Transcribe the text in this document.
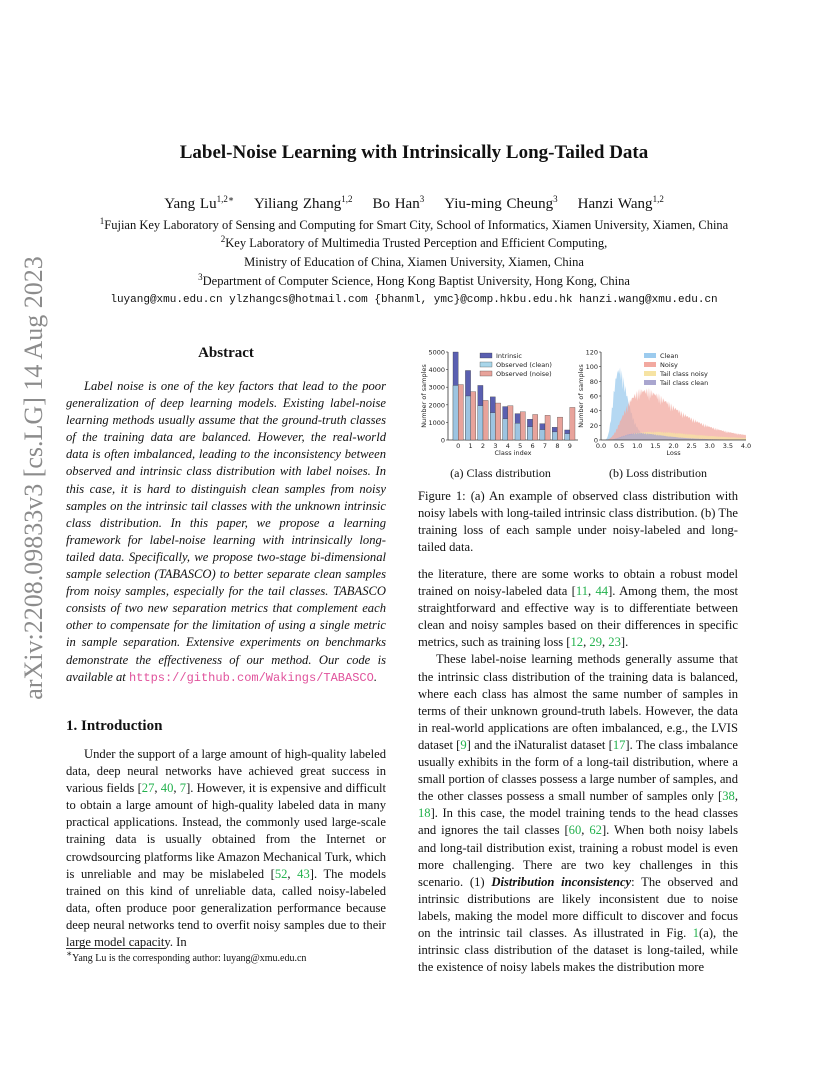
arXiv:2208.09833v3 [cs.LG] 14 Aug 2023
Label-Noise Learning with Intrinsically Long-Tailed Data
Yang $Lu^{1,2∗}$ Yiliang Zhang$^{1,2}$ Bo Han$^3$ Yiu-ming Cheung$^3$ Hanzi Wang$^{1,2}$
$^1$Fujian Key Laboratory of Sensing and Computing for Smart City, School of Informatics, Xiamen University, Xiamen, China
$^2$Key Laboratory of Multimedia Trusted Perception and Efficient Computing,
Ministry of Education of China, Xiamen University, Xiamen, China
$^3$Department of Computer Science, Hong Kong Baptist University, Hong Kong, China
luyang@xmu.edu.cn ylzhangcs@hotmail.com {bhanml, ymc}@comp.hkbu.edu.hk hanzi.wang@xmu.edu.cn
Abstract

Label noise is one of the key factors that lead to the poor generalization of deep learning models. Existing label-noise learning methods usually assume that the ground-truth classes of the training data are balanced. However, the real-world data is often imbalanced, leading to the inconsistency between observed and intrinsic class distribution with label noises. In this case, it is hard to distinguish clean samples from noisy samples on the intrinsic tail classes with the unknown intrinsic class distribution. In this paper, we propose a learning framework for label-noise learning with intrinsically long-tailed data. Specifically, we propose two-stage bi-dimensional sample selection (TABASCO) to better separate clean samples from noisy samples, especially for the tail classes. TABASCO consists of two new separation metrics that complement each other to compensate for the limitation of using a single metric in sample separation. Extensive experiments on benchmarks demonstrate the effectiveness of our method. Our code is available at https://github.com/Wakings/TABASCO.

1. Introduction

Under the support of a large amount of high-quality labeled data, deep neural networks have achieved great success in various fields [27, 40, 7]. However, it is expensive and difficult to obtain a large amount of high-quality labeled data in many practical applications. Instead, the commonly used large-scale training data is usually obtained from the Internet or crowdsourcing platforms like Amazon Mechanical Turk, which is unreliable and may be mislabeled [52, 43]. The models trained on this kind of unreliable data, called noisy-labeled data, often produce poor generalization performance because deep neural networks tend to overfit noisy samples due to their large model capacity. In

∗Yang Lu is the corresponding author: luyang@xmu.edu.cn
0
1000
2000
3000
4000
5000
0 1 2 3 4 5 6 7 8 9
Class index
Number of samples
Intrinsic
Observed (clean)
Observed (noise)
0
20
40
60
80
100
120
0.0 0.5 1.0 1.5 2.0 2.5 3.0 3.5 4.0
Loss
Number of samples
Clean
Noisy
Tail class noisy
Tail class clean
(a) Class distribution	(b) Loss distribution
Figure 1: (a) An example of observed class distribution with noisy labels with long-tailed intrinsic class distribution. (b) The training loss of each sample under noisy-labeled and long-tailed data.

the literature, there are some works to obtain a robust model trained on noisy-labeled data [11, 44]. Among them, the most straightforward and effective way is to differentiate between clean and noisy samples based on their differences in specific metrics, such as training loss [12, 29, 23].

These label-noise learning methods generally assume that the intrinsic class distribution of the training data is balanced, where each class has almost the same number of samples in terms of their unknown ground-truth labels. However, the data in real-world applications are often imbalanced, e.g., the LVIS dataset [9] and the iNaturalist dataset [17]. The class imbalance usually exhibits in the form of a long-tail distribution, where a small portion of classes possess a large number of samples, and the other classes possess a small number of samples only [38, 18]. In this case, the model training tends to the head classes and ignores the tail classes [60, 62]. When both noisy labels and long-tail distribution exist, training a robust model is even more challenging. There are two key challenges in this scenario. (1) Distribution inconsistency: The observed and intrinsic distributions are likely inconsistent due to noise labels, making the model more difficult to discover and focus on the intrinsic tail classes. As illustrated in Fig. 1(a), the intrinsic class distribution of the dataset is long-tailed, while the existence of noisy labels makes the distribution more
